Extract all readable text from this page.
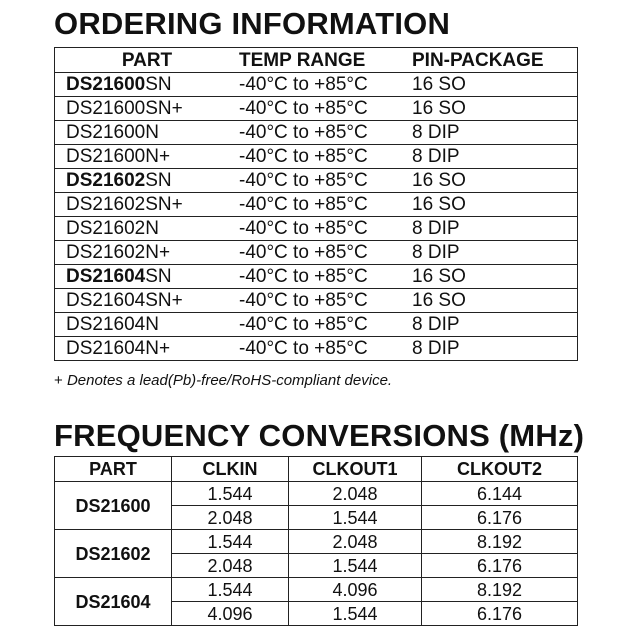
ORDERING INFORMATION
PART	TEMP RANGE	PIN-PACKAGE
DS21600SN	-40°C to +85°C	16 SO
DS21600SN+	-40°C to +85°C	16 SO
DS21600N	-40°C to +85°C	8 DIP
DS21600N+	-40°C to +85°C	8 DIP
DS21602SN	-40°C to +85°C	16 SO
DS21602SN+	-40°C to +85°C	16 SO
DS21602N	-40°C to +85°C	8 DIP
DS21602N+	-40°C to +85°C	8 DIP
DS21604SN	-40°C to +85°C	16 SO
DS21604SN+	-40°C to +85°C	16 SO
DS21604N	-40°C to +85°C	8 DIP
DS21604N+	-40°C to +85°C	8 DIP
+ Denotes a lead(Pb)-free/RoHS-compliant device.
FREQUENCY CONVERSIONS (MHz)
PART	CLKIN	CLKOUT1	CLKOUT2
DS21600	1.544	2.048	6.144
	2.048	1.544	6.176
DS21602	1.544	2.048	8.192
	2.048	1.544	6.176
DS21604	1.544	4.096	8.192
	4.096	1.544	6.176
